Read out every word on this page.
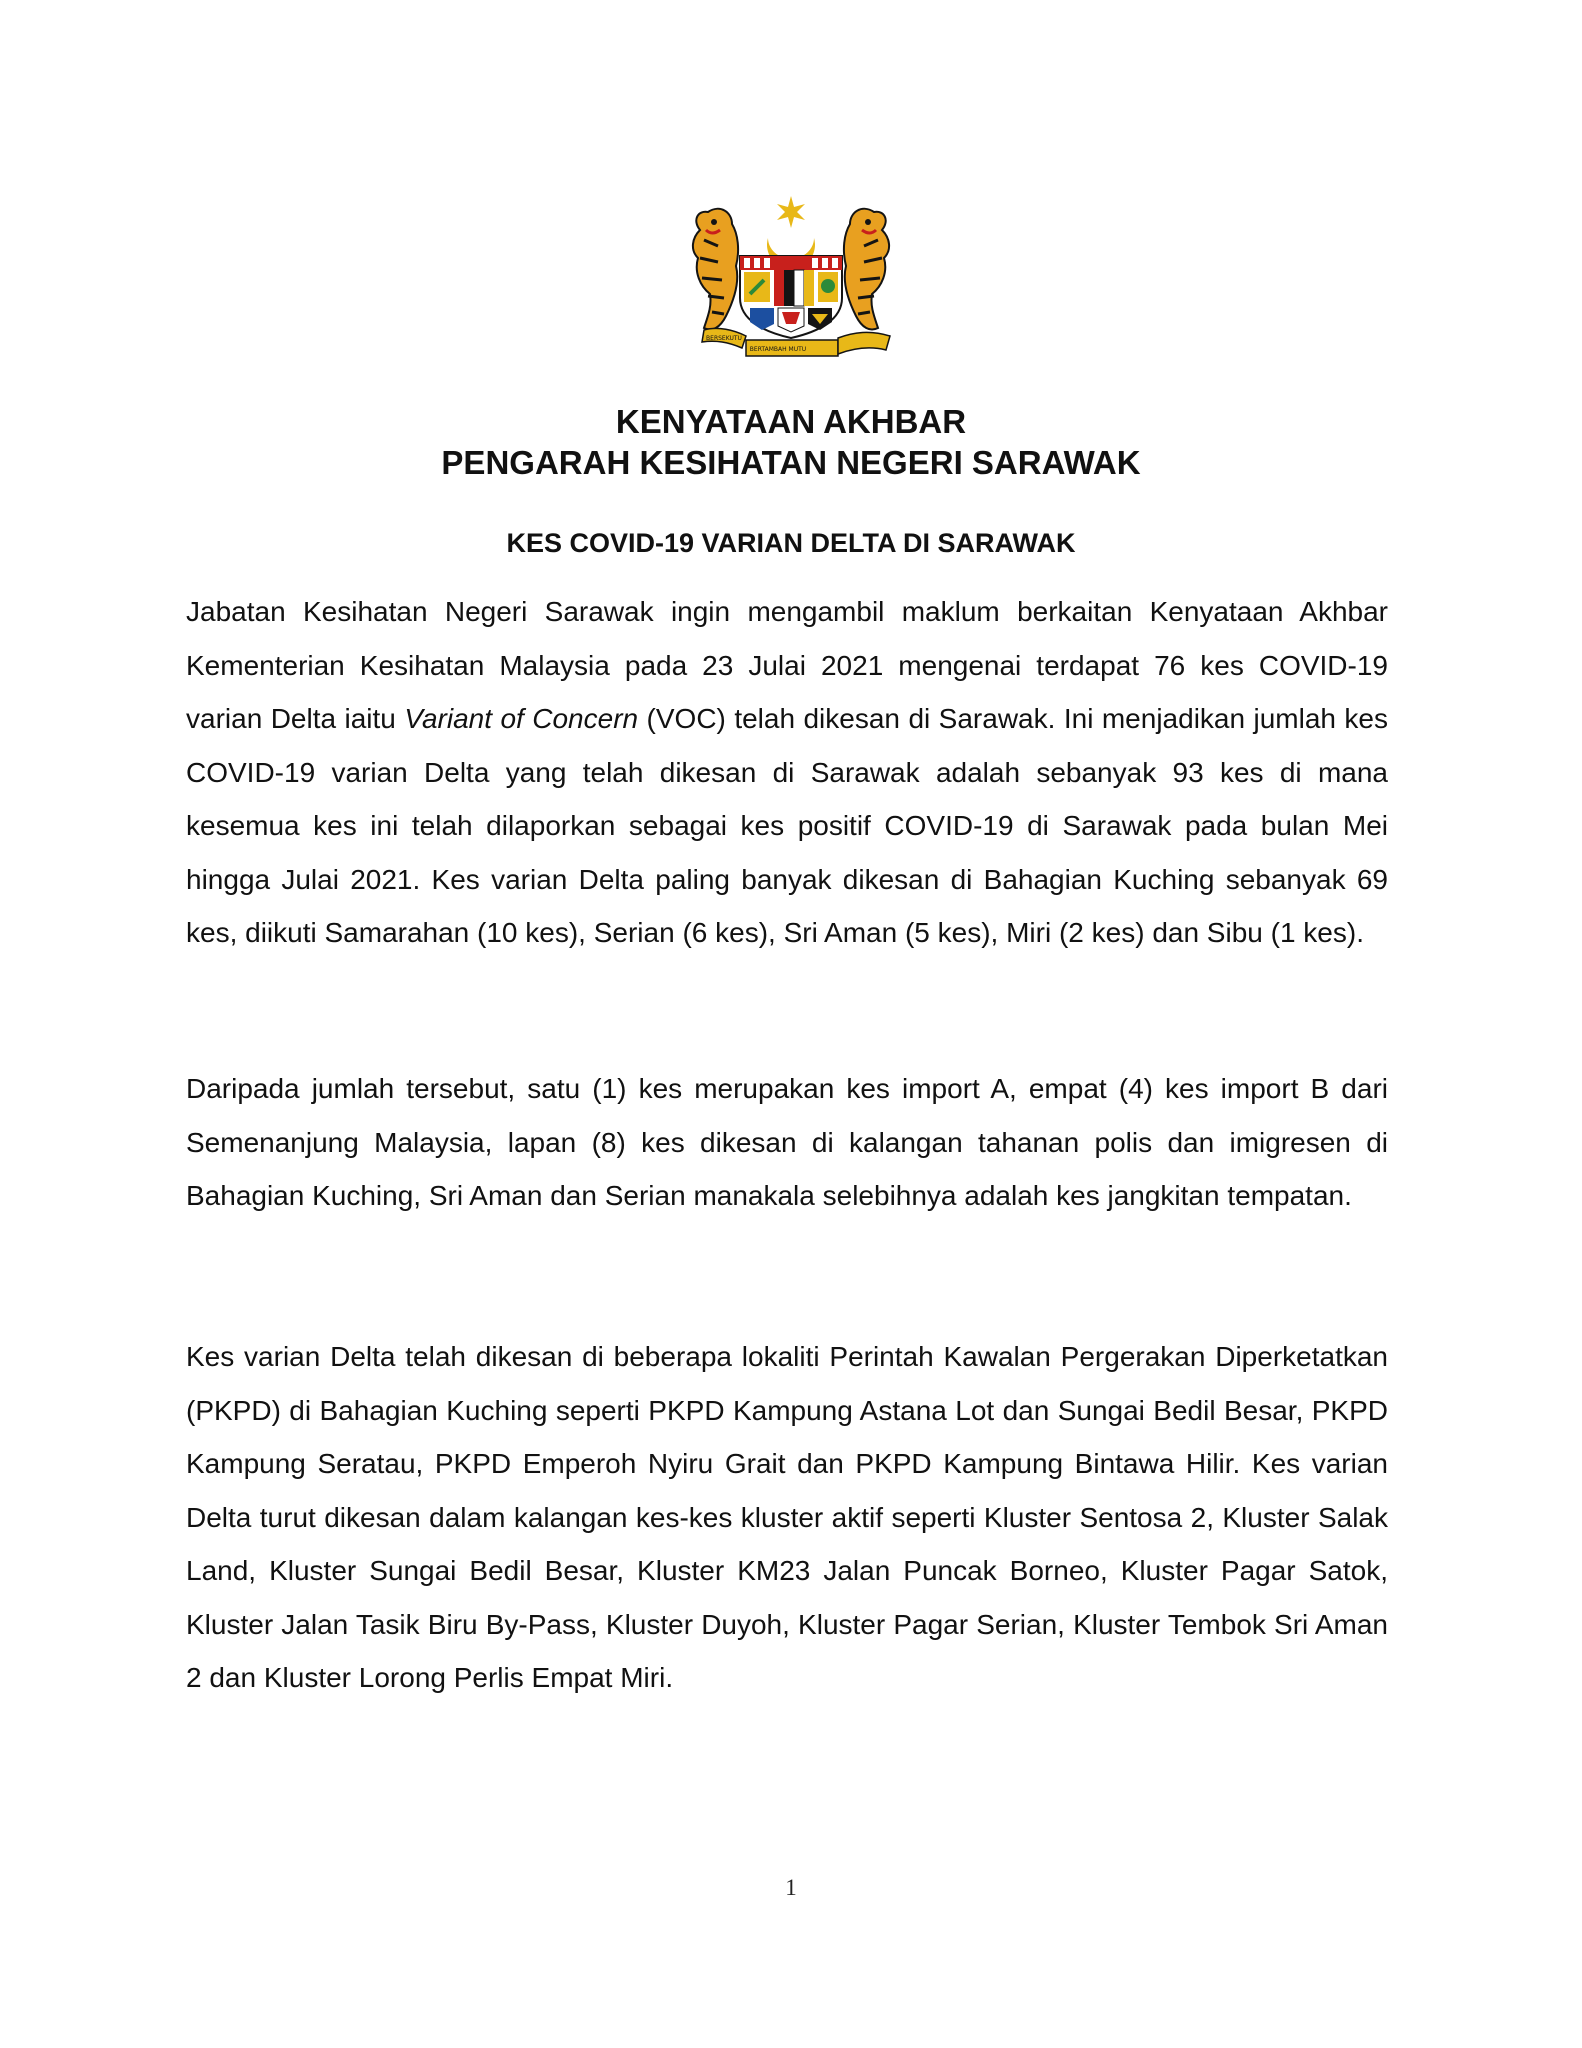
BERSEKUTU
BERTAMBAH MUTU
KENYATAAN AKHBAR
PENGARAH KESIHATAN NEGERI SARAWAK
KES COVID-19 VARIAN DELTA DI SARAWAK
Jabatan Kesihatan Negeri Sarawak ingin mengambil maklum berkaitan Kenyataan Akhbar Kementerian Kesihatan Malaysia pada 23 Julai 2021 mengenai terdapat 76 kes COVID-19 varian Delta iaitu Variant of Concern (VOC) telah dikesan di Sarawak. Ini menjadikan jumlah kes COVID-19 varian Delta yang telah dikesan di Sarawak adalah sebanyak 93 kes di mana kesemua kes ini telah dilaporkan sebagai kes positif COVID-19 di Sarawak pada bulan Mei hingga Julai 2021. Kes varian Delta paling banyak dikesan di Bahagian Kuching sebanyak 69 kes, diikuti Samarahan (10 kes), Serian (6 kes), Sri Aman (5 kes), Miri (2 kes) dan Sibu (1 kes).
Daripada jumlah tersebut, satu (1) kes merupakan kes import A, empat (4) kes import B dari Semenanjung Malaysia, lapan (8) kes dikesan di kalangan tahanan polis dan imigresen di Bahagian Kuching, Sri Aman dan Serian manakala selebihnya adalah kes jangkitan tempatan.
Kes varian Delta telah dikesan di beberapa lokaliti Perintah Kawalan Pergerakan Diperketatkan (PKPD) di Bahagian Kuching seperti PKPD Kampung Astana Lot dan Sungai Bedil Besar, PKPD Kampung Seratau, PKPD Emperoh Nyiru Grait dan PKPD Kampung Bintawa Hilir. Kes varian Delta turut dikesan dalam kalangan kes-kes kluster aktif seperti Kluster Sentosa 2, Kluster Salak Land, Kluster Sungai Bedil Besar, Kluster KM23 Jalan Puncak Borneo, Kluster Pagar Satok, Kluster Jalan Tasik Biru By-Pass, Kluster Duyoh, Kluster Pagar Serian, Kluster Tembok Sri Aman 2 dan Kluster Lorong Perlis Empat Miri.
1
